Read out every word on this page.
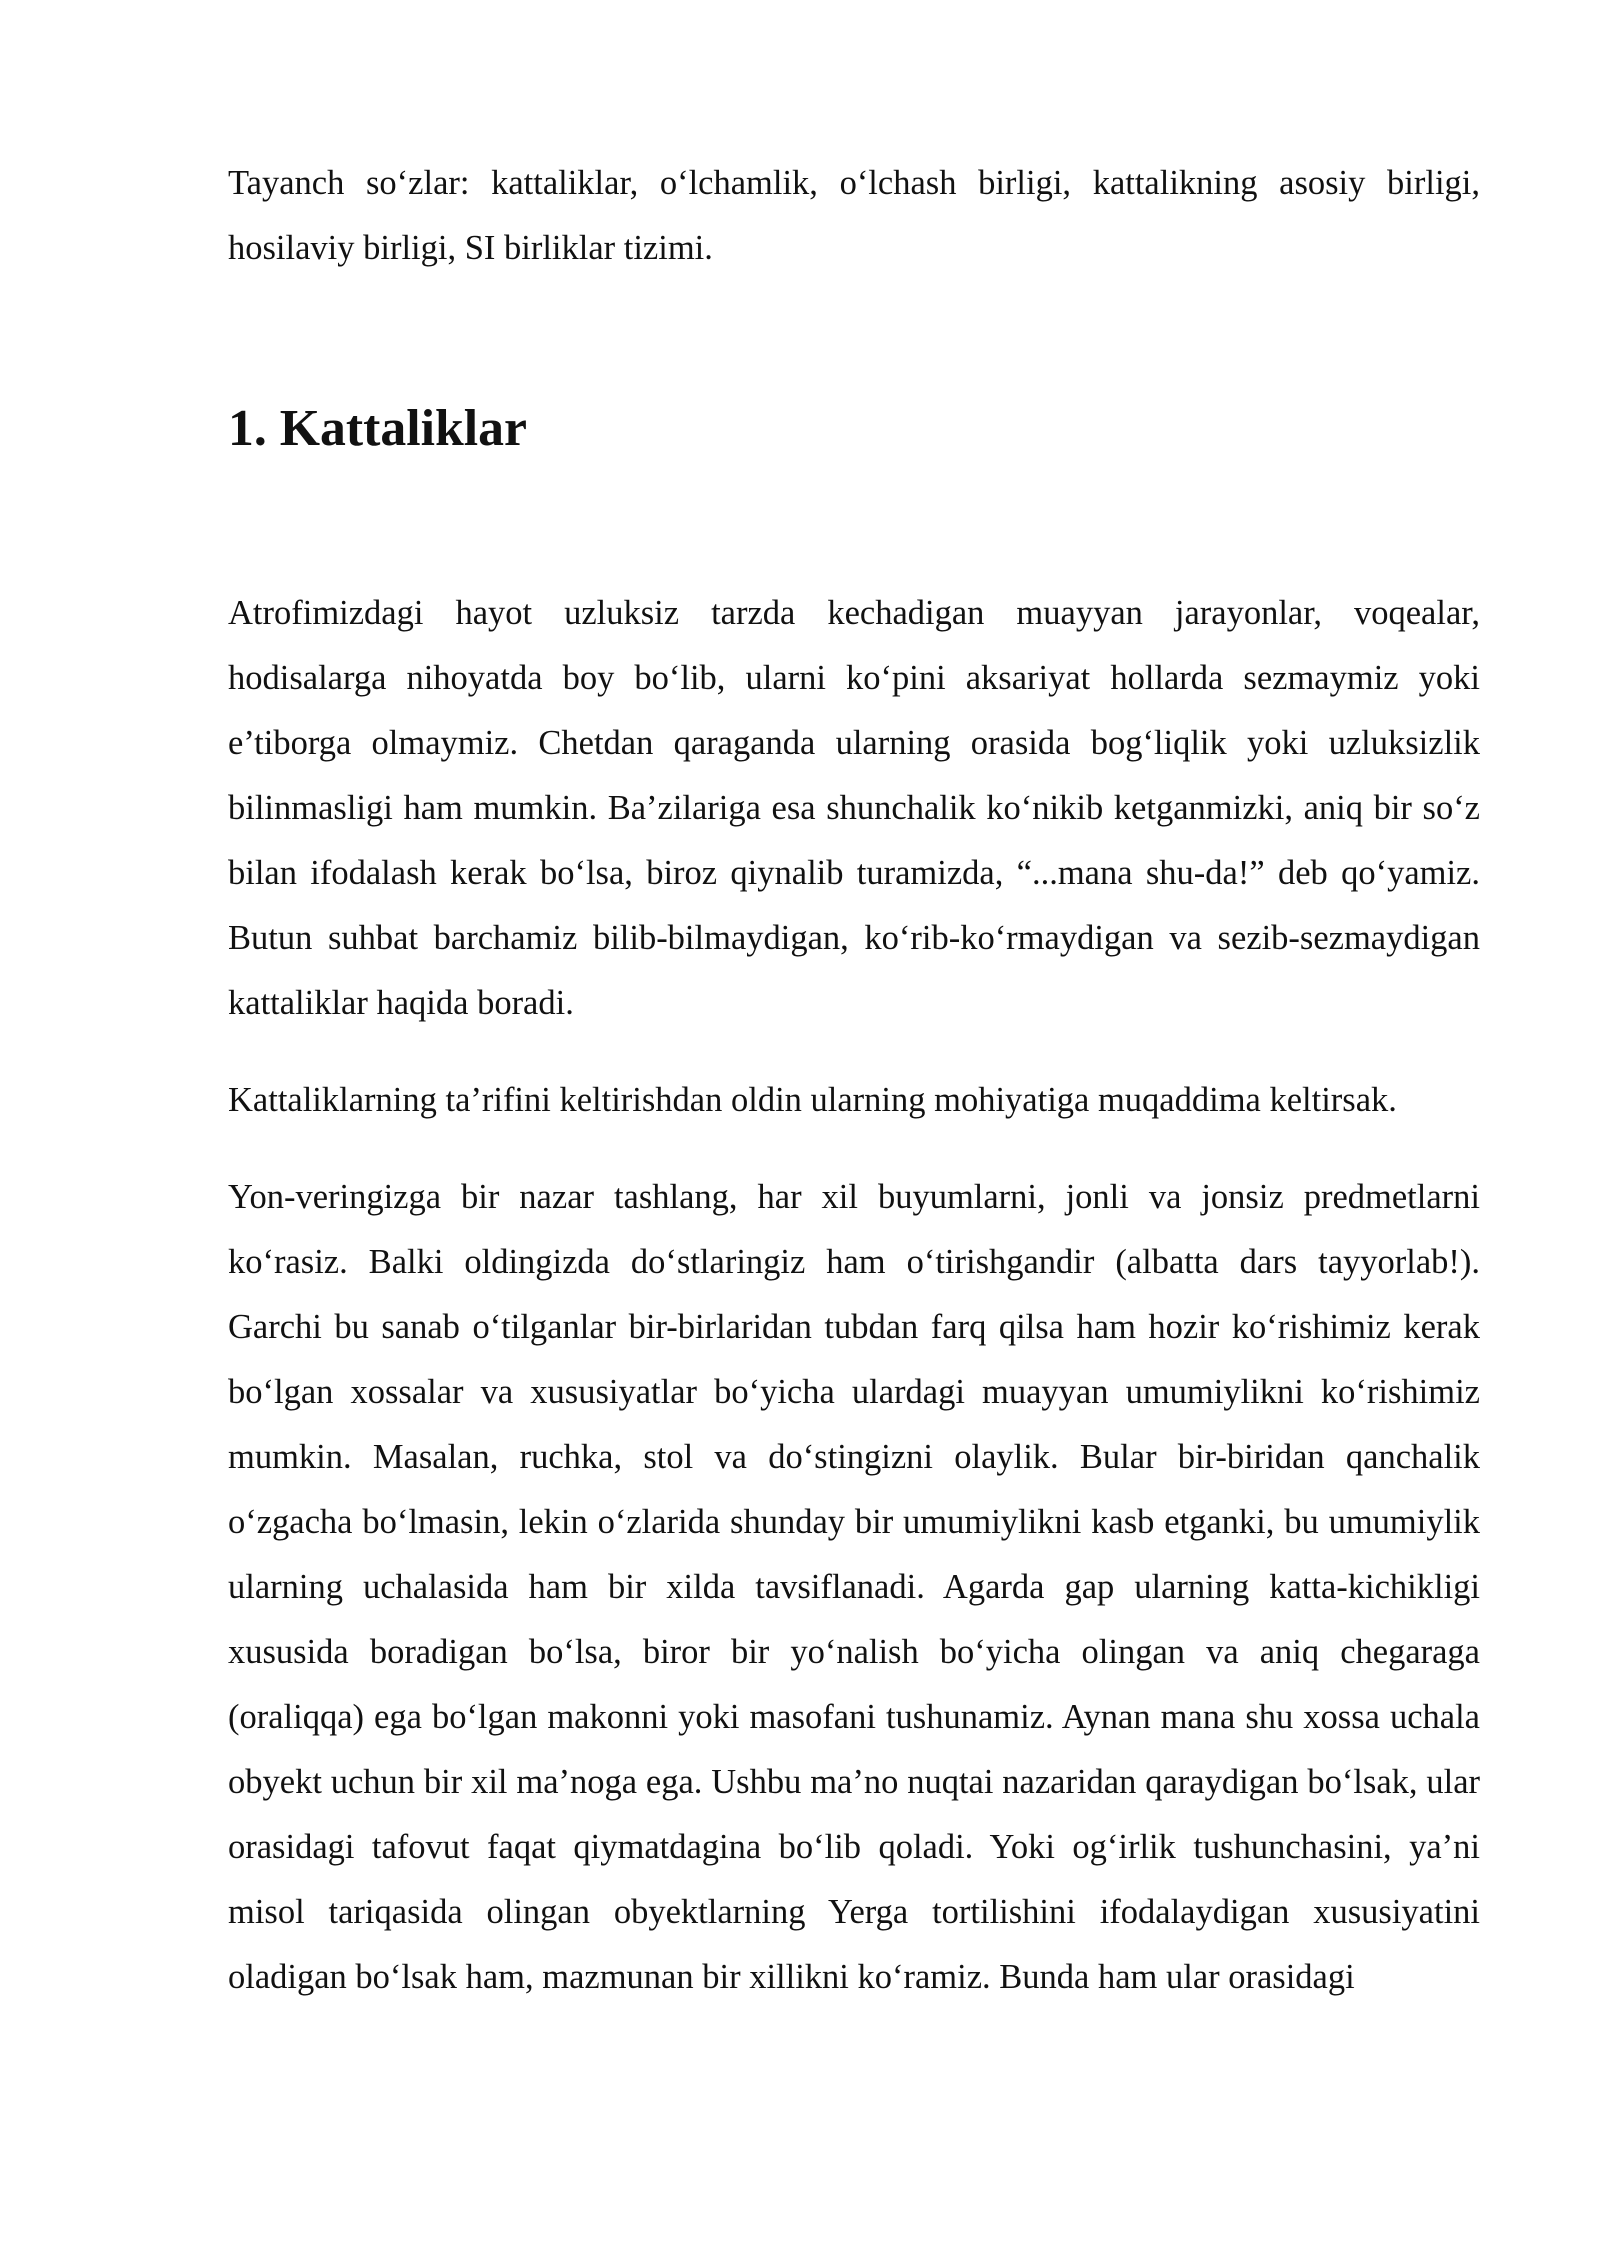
Tayanch so‘zlar: kattaliklar, o‘lchamlik, o‘lchash birligi, kattalikning asosiy birligi, hosilaviy birligi, SI birliklar tizimi.

1. Kattaliklar

Atrofimizdagi hayot uzluksiz tarzda kechadigan muayyan jarayonlar, voqealar, hodisalarga nihoyatda boy bo‘lib, ularni ko‘pini aksariyat hollarda sezmaymiz yoki e’tiborga olmaymiz. Chetdan qaraganda ularning orasida bog‘liqlik yoki uzluksizlik bilinmasligi ham mumkin. Ba’zilariga esa shunchalik ko‘nikib ketganmizki, aniq bir so‘z bilan ifodalash kerak bo‘lsa, biroz qiynalib turamizda, “...mana shu-da!” deb qo‘yamiz. Butun suhbat barchamiz bilib-bilmaydigan, ko‘rib-ko‘rmaydigan va sezib-sezmaydigan kattaliklar haqida boradi.

Kattaliklarning ta’rifini keltirishdan oldin ularning mohiyatiga muqaddima keltirsak.

Yon-veringizga bir nazar tashlang, har xil buyumlarni, jonli va jonsiz predmetlarni ko‘rasiz. Balki oldingizda do‘stlaringiz ham o‘tirishgandir (albatta dars tayyorlab!). Garchi bu sanab o‘tilganlar bir-birlaridan tubdan farq qilsa ham hozir ko‘rishimiz kerak bo‘lgan xossalar va xususiyatlar bo‘yicha ulardagi muayyan umumiylikni ko‘rishimiz mumkin. Masalan, ruchka, stol va do‘stingizni olaylik. Bular bir-biridan qanchalik o‘zgacha bo‘lmasin, lekin o‘zlarida shunday bir umumiylikni kasb etganki, bu umumiylik ularning uchalasida ham bir xilda tavsiflanadi. Agarda gap ularning katta-kichikligi xususida boradigan bo‘lsa, biror bir yo‘nalish bo‘yicha olingan va aniq chegaraga (oraliqqa) ega bo‘lgan makonni yoki masofani tushunamiz. Aynan mana shu xossa uchala obyekt uchun bir xil ma’noga ega. Ushbu ma’no nuqtai nazaridan qaraydigan bo‘lsak, ular orasidagi tafovut faqat qiymatdagina bo‘lib qoladi. Yoki og‘irlik tushunchasini, ya’ni misol tariqasida olingan obyektlarning Yerga tortilishini ifodalaydigan xususiyatini oladigan bo‘lsak ham, mazmunan bir xillikni ko‘ramiz. Bunda ham ular orasidagi
